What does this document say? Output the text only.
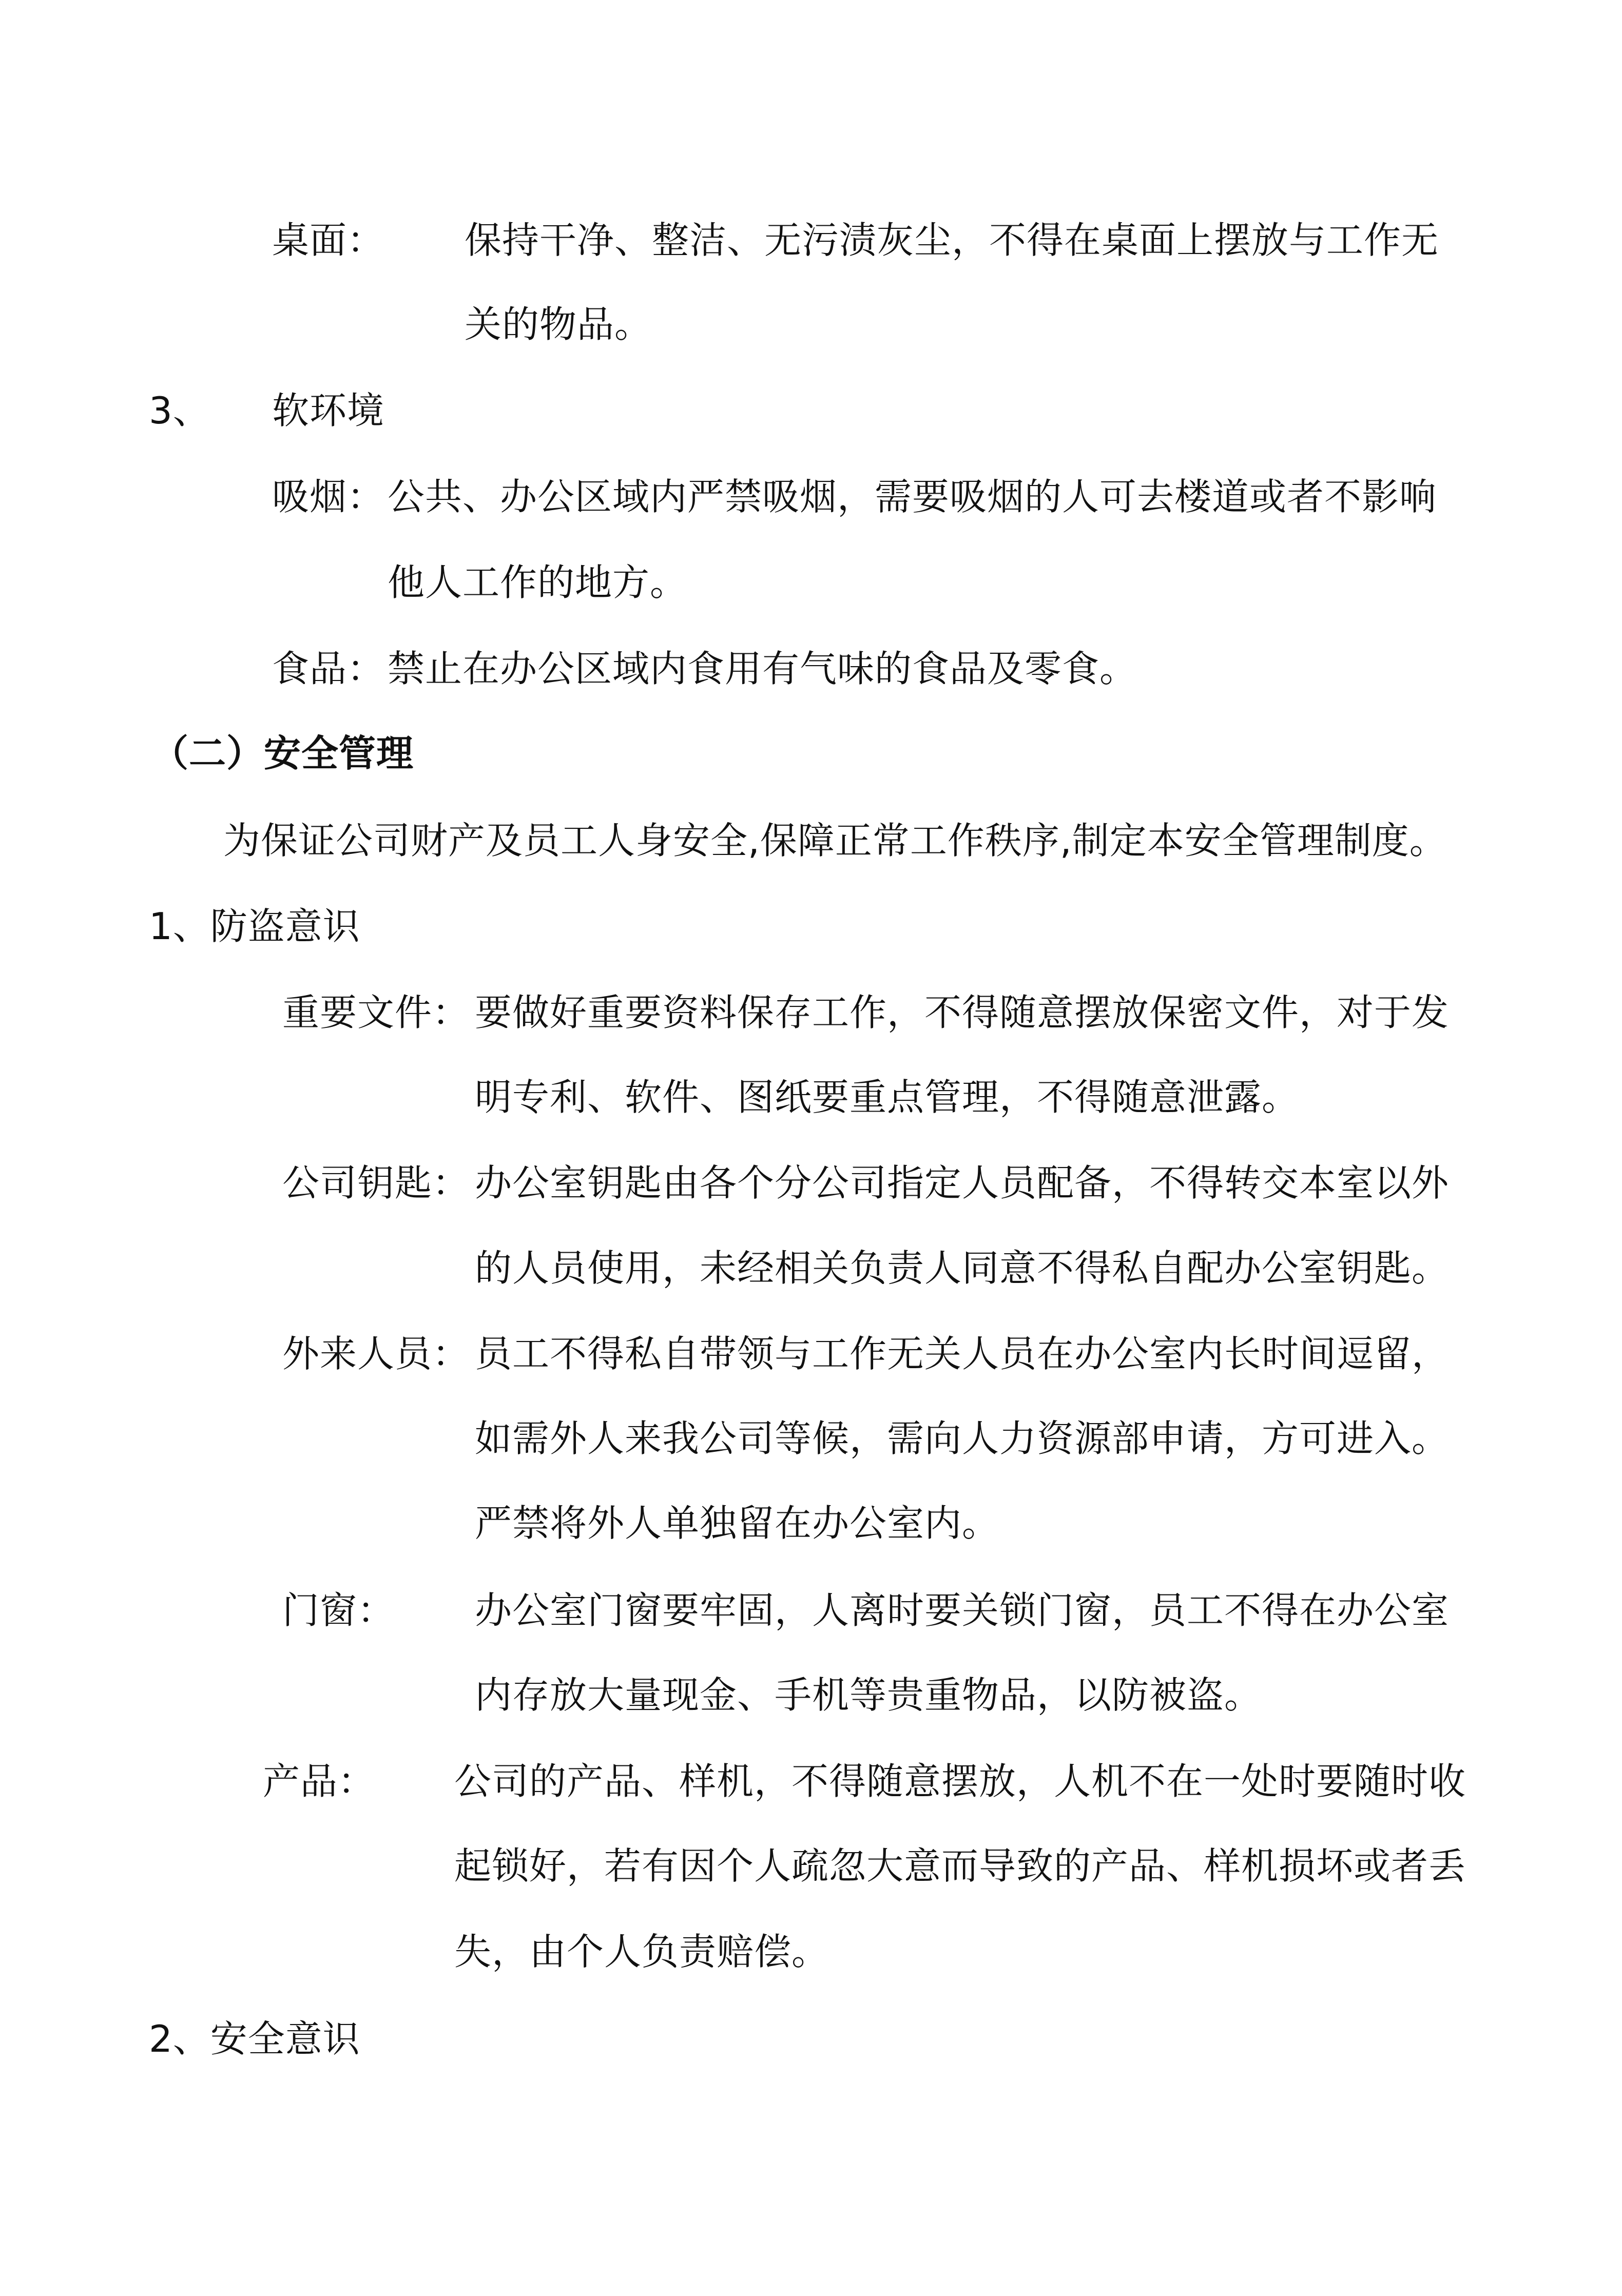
桌面： 保持干净、整洁、无污渍灰尘，不得在桌面上摆放与工作无
关的物品。
3、 软环境
吸烟： 公共、办公区域内严禁吸烟，需要吸烟的人可去楼道或者不影响
他人工作的地方。
食品： 禁止在办公区域内食用有气味的食品及零食。
（二）安全管理
为保证公司财产及员工人身安全,保障正常工作秩序,制定本安全管理制度。
1、防盗意识
重要文件： 要做好重要资料保存工作，不得随意摆放保密文件，对于发
明专利、软件、图纸要重点管理，不得随意泄露。
公司钥匙： 办公室钥匙由各个分公司指定人员配备，不得转交本室以外
的人员使用，未经相关负责人同意不得私自配办公室钥匙。
外来人员： 员工不得私自带领与工作无关人员在办公室内长时间逗留，
如需外人来我公司等候，需向人力资源部申请，方可进入。
严禁将外人单独留在办公室内。
门窗： 办公室门窗要牢固，人离时要关锁门窗，员工不得在办公室
内存放大量现金、手机等贵重物品，以防被盗。
产品： 公司的产品、样机，不得随意摆放，人机不在一处时要随时收
起锁好，若有因个人疏忽大意而导致的产品、样机损坏或者丢
失，由个人负责赔偿。
2、安全意识
